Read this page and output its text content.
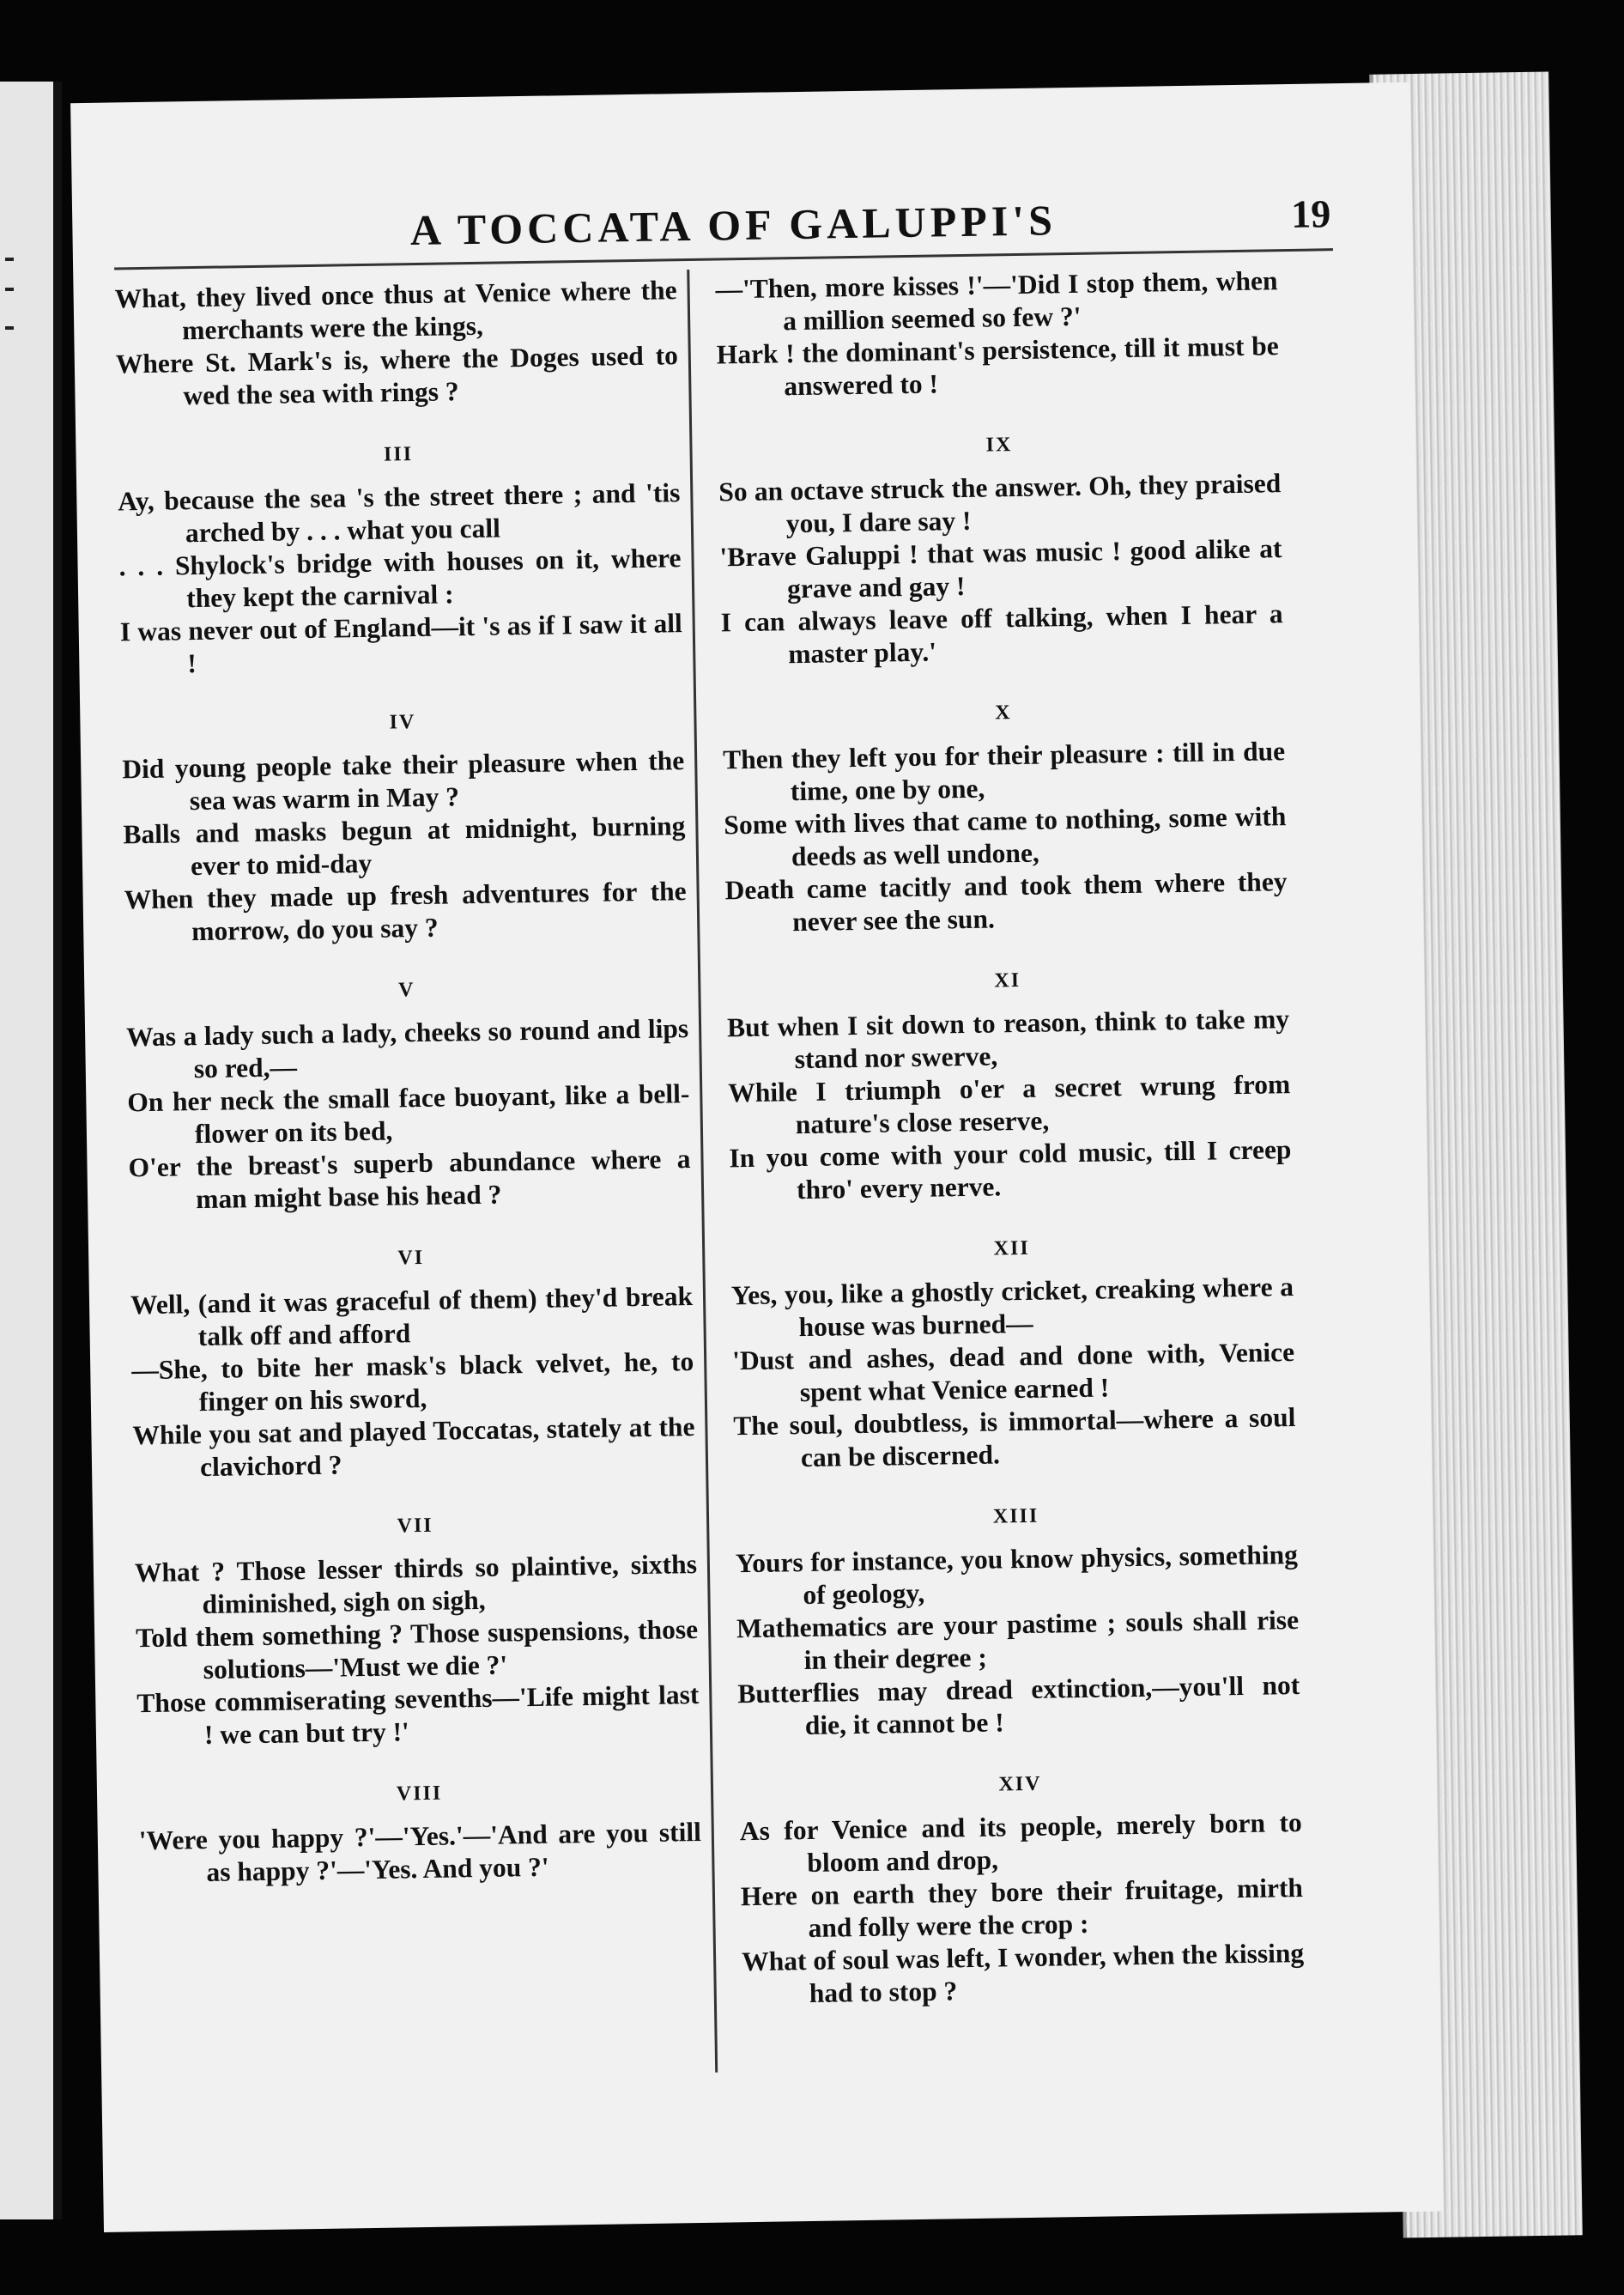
A TOCCATA OF GALUPPI'S	19

What, they lived once thus at Venice where the merchants were the kings,

Where St. Mark's is, where the Doges used to wed the sea with rings ?

III

Ay, because the sea 's the street there ; and 'tis arched by . . . what you call

. . . Shylock's bridge with houses on it, where they kept the carnival :

I was never out of England—it 's as if I saw it all !

IV

Did young people take their pleasure when the sea was warm in May ?

Balls and masks begun at midnight, burning ever to mid-day

When they made up fresh adventures for the morrow, do you say ?

V

Was a lady such a lady, cheeks so round and lips so red,—

On her neck the small face buoyant, like a bell-flower on its bed,

O'er the breast's superb abundance where a man might base his head ?

VI

Well, (and it was graceful of them) they'd break talk off and afford

—She, to bite her mask's black velvet, he, to finger on his sword,

While you sat and played Toccatas, stately at the clavichord ?

VII

What ? Those lesser thirds so plaintive, sixths diminished, sigh on sigh,

Told them something ? Those suspensions, those solutions—'Must we die ?'

Those commiserating sevenths—'Life might last ! we can but try !'

VIII

'Were you happy ?'—'Yes.'—'And are you still as happy ?'—'Yes. And you ?'

—'Then, more kisses !'—'Did I stop them, when a million seemed so few ?'

Hark ! the dominant's persistence, till it must be answered to !

IX

So an octave struck the answer. Oh, they praised you, I dare say !

'Brave Galuppi ! that was music ! good alike at grave and gay !

I can always leave off talking, when I hear a master play.'

X

Then they left you for their pleasure : till in due time, one by one,

Some with lives that came to nothing, some with deeds as well undone,

Death came tacitly and took them where they never see the sun.

XI

But when I sit down to reason, think to take my stand nor swerve,

While I triumph o'er a secret wrung from nature's close reserve,

In you come with your cold music, till I creep thro' every nerve.

XII

Yes, you, like a ghostly cricket, creaking where a house was burned—

'Dust and ashes, dead and done with, Venice spent what Venice earned !

The soul, doubtless, is immortal—where a soul can be discerned.

XIII

Yours for instance, you know physics, something of geology,

Mathematics are your pastime ; souls shall rise in their degree ;

Butterflies may dread extinction,—you'll not die, it cannot be !

XIV

As for Venice and its people, merely born to bloom and drop,

Here on earth they bore their fruitage, mirth and folly were the crop :

What of soul was left, I wonder, when the kissing had to stop ?
